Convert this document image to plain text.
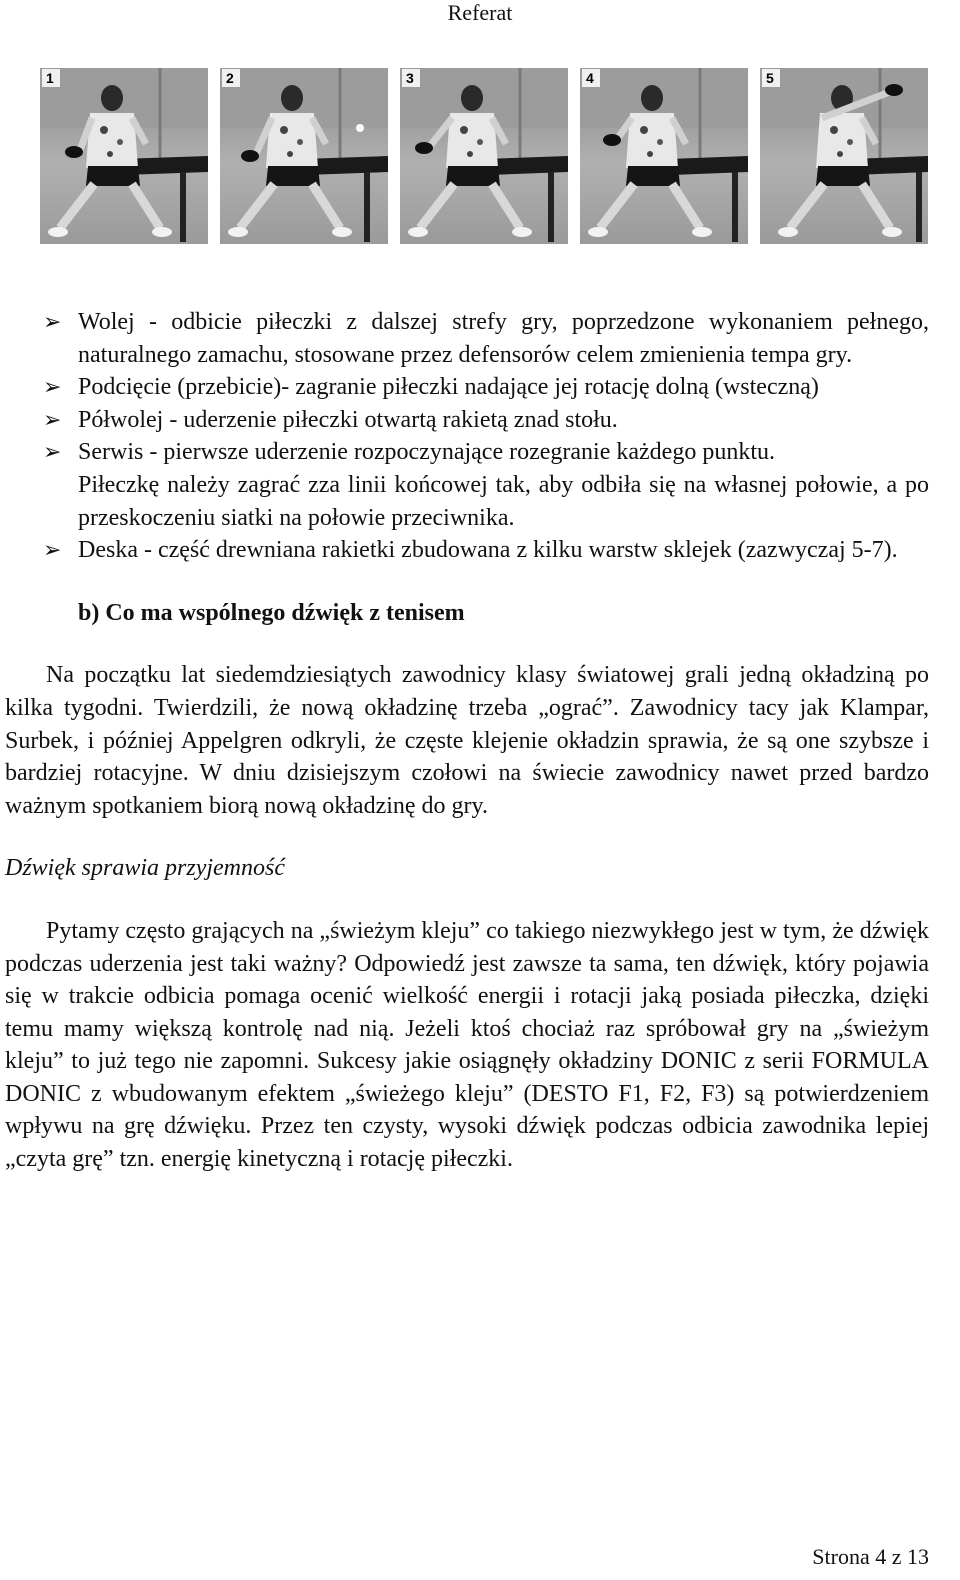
Referat
1	2	3	4	5
➢ Wolej - odbicie piłeczki z dalszej strefy gry, poprzedzone wykonaniem pełnego, naturalnego zamachu, stosowane przez defensorów celem zmienienia tempa gry.
➢ Podcięcie (przebicie)- zagranie piłeczki nadające jej rotację dolną (wsteczną)
➢ Półwolej - uderzenie piłeczki otwartą rakietą znad stołu.
➢ Serwis - pierwsze uderzenie rozpoczynające rozegranie każdego punktu.
Piłeczkę należy zagrać zza linii końcowej tak, aby odbiła się na własnej połowie, a po przeskoczeniu siatki na połowie przeciwnika.
➢ Deska - część drewniana rakietki zbudowana z kilku warstw sklejek (zazwyczaj 5-7).
b) Co ma wspólnego dźwięk z tenisem

Na początku lat siedemdziesiątych zawodnicy klasy światowej grali jedną okładziną po kilka tygodni. Twierdzili, że nową okładzinę trzeba „ograć”. Zawodnicy tacy jak Klampar, Surbek, i później Appelgren odkryli, że częste klejenie okładzin sprawia, że są one szybsze i bardziej rotacyjne. W dniu dzisiejszym czołowi na świecie zawodnicy nawet przed bardzo ważnym spotkaniem biorą nową okładzinę do gry.

Dźwięk sprawia przyjemność

Pytamy często grających na „świeżym kleju” co takiego niezwykłego jest w tym, że dźwięk podczas uderzenia jest taki ważny? Odpowiedź jest zawsze ta sama, ten dźwięk, który pojawia się w trakcie odbicia pomaga ocenić wielkość energii i rotacji jaką posiada piłeczka, dzięki temu mamy większą kontrolę nad nią. Jeżeli ktoś chociaż raz spróbował gry na „świeżym kleju” to już tego nie zapomni. Sukcesy jakie osiągnęły okładziny DONIC z serii FORMULA DONIC z wbudowanym efektem „świeżego kleju” (DESTO F1, F2, F3) są potwierdzeniem wpływu na grę dźwięku. Przez ten czysty, wysoki dźwięk podczas odbicia zawodnika lepiej „czyta grę” tzn. energię kinetyczną i rotację piłeczki.

Strona 4 z 13
